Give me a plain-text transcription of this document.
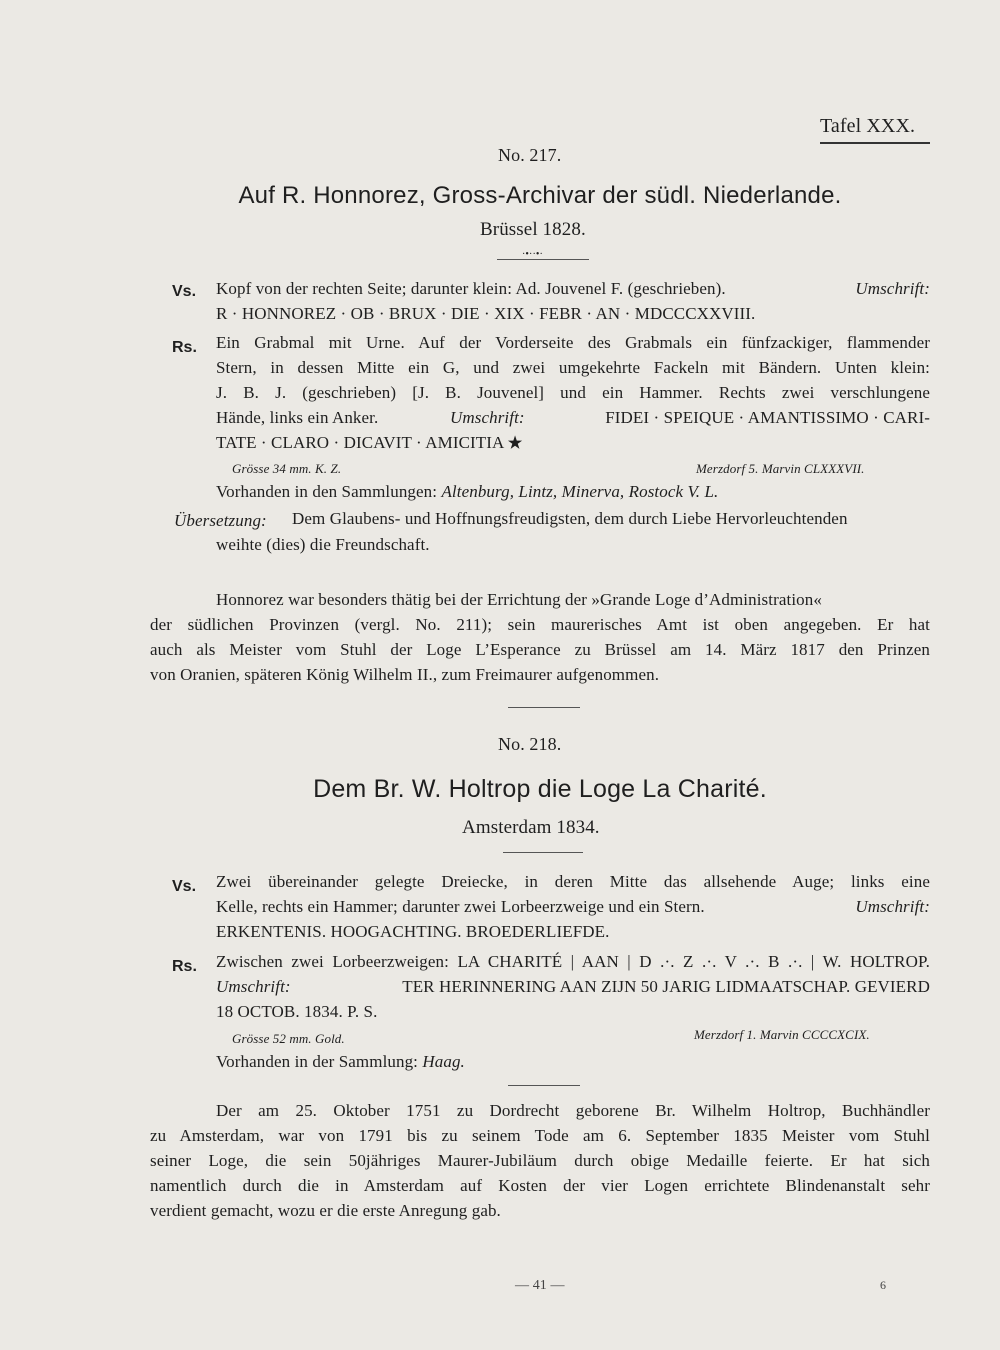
Tafel XXX.
No. 217.
Auf R. Honnorez, Gross-Archivar der südl. Niederlande.
Brüssel 1828.
·•··•·
Vs. Kopf von der rechten Seite; darunter klein: Ad. Jouvenel F. (geschrieben).	Umschrift:
R · HONNOREZ · OB · BRUX · DIE · XIX · FEBR · AN · MDCCCXXVIII.
Rs. Ein Grabmal mit Urne. Auf der Vorderseite des Grabmals ein fünfzackiger, flammender
Stern, in dessen Mitte ein G, und zwei umgekehrte Fackeln mit Bändern. Unten klein:
J. B. J. (geschrieben) [J. B. Jouvenel] und ein Hammer. Rechts zwei verschlungene
Hände, links ein Anker.	Umschrift:	FIDEI · SPEIQUE · AMANTISSIMO · CARI-
TATE · CLARO · DICAVIT · AMICITIA ★
Grösse 34 mm. K. Z.	Merzdorf 5. Marvin CLXXXVII.
Vorhanden in den Sammlungen: Altenburg, Lintz, Minerva, Rostock V. L.
Übersetzung: Dem Glaubens- und Hoffnungsfreudigsten, dem durch Liebe Hervorleuchtenden
weihte (dies) die Freundschaft.
Honnorez war besonders thätig bei der Errichtung der »Grande Loge d’Administration«
der südlichen Provinzen (vergl. No. 211); sein maurerisches Amt ist oben angegeben. Er hat
auch als Meister vom Stuhl der Loge L’Esperance zu Brüssel am 14. März 1817 den Prinzen
von Oranien, späteren König Wilhelm II., zum Freimaurer aufgenommen.
No. 218.
Dem Br. W. Holtrop die Loge La Charité.
Amsterdam 1834.
Vs. Zwei übereinander gelegte Dreiecke, in deren Mitte das allsehende Auge; links eine
Kelle, rechts ein Hammer; darunter zwei Lorbeerzweige und ein Stern.	Umschrift:
ERKENTENIS. HOOGACHTING. BROEDERLIEFDE.
Rs. Zwischen zwei Lorbeerzweigen: LA CHARITÉ | AAN | D .·. Z .·. V .·. B .·. | W. HOLTROP.
Umschrift:	TER HERINNERING AAN ZIJN 50 JARIG LIDMAATSCHAP. GEVIERD
18 OCTOB. 1834. P. S.
Grösse 52 mm. Gold.	Merzdorf 1. Marvin CCCCXCIX.
Vorhanden in der Sammlung: Haag.
Der am 25. Oktober 1751 zu Dordrecht geborene Br. Wilhelm Holtrop, Buchhändler
zu Amsterdam, war von 1791 bis zu seinem Tode am 6. September 1835 Meister vom Stuhl
seiner Loge, die sein 50jähriges Maurer-Jubiläum durch obige Medaille feierte. Er hat sich
namentlich durch die in Amsterdam auf Kosten der vier Logen errichtete Blindenanstalt sehr
verdient gemacht, wozu er die erste Anregung gab.
— 41 —	6
